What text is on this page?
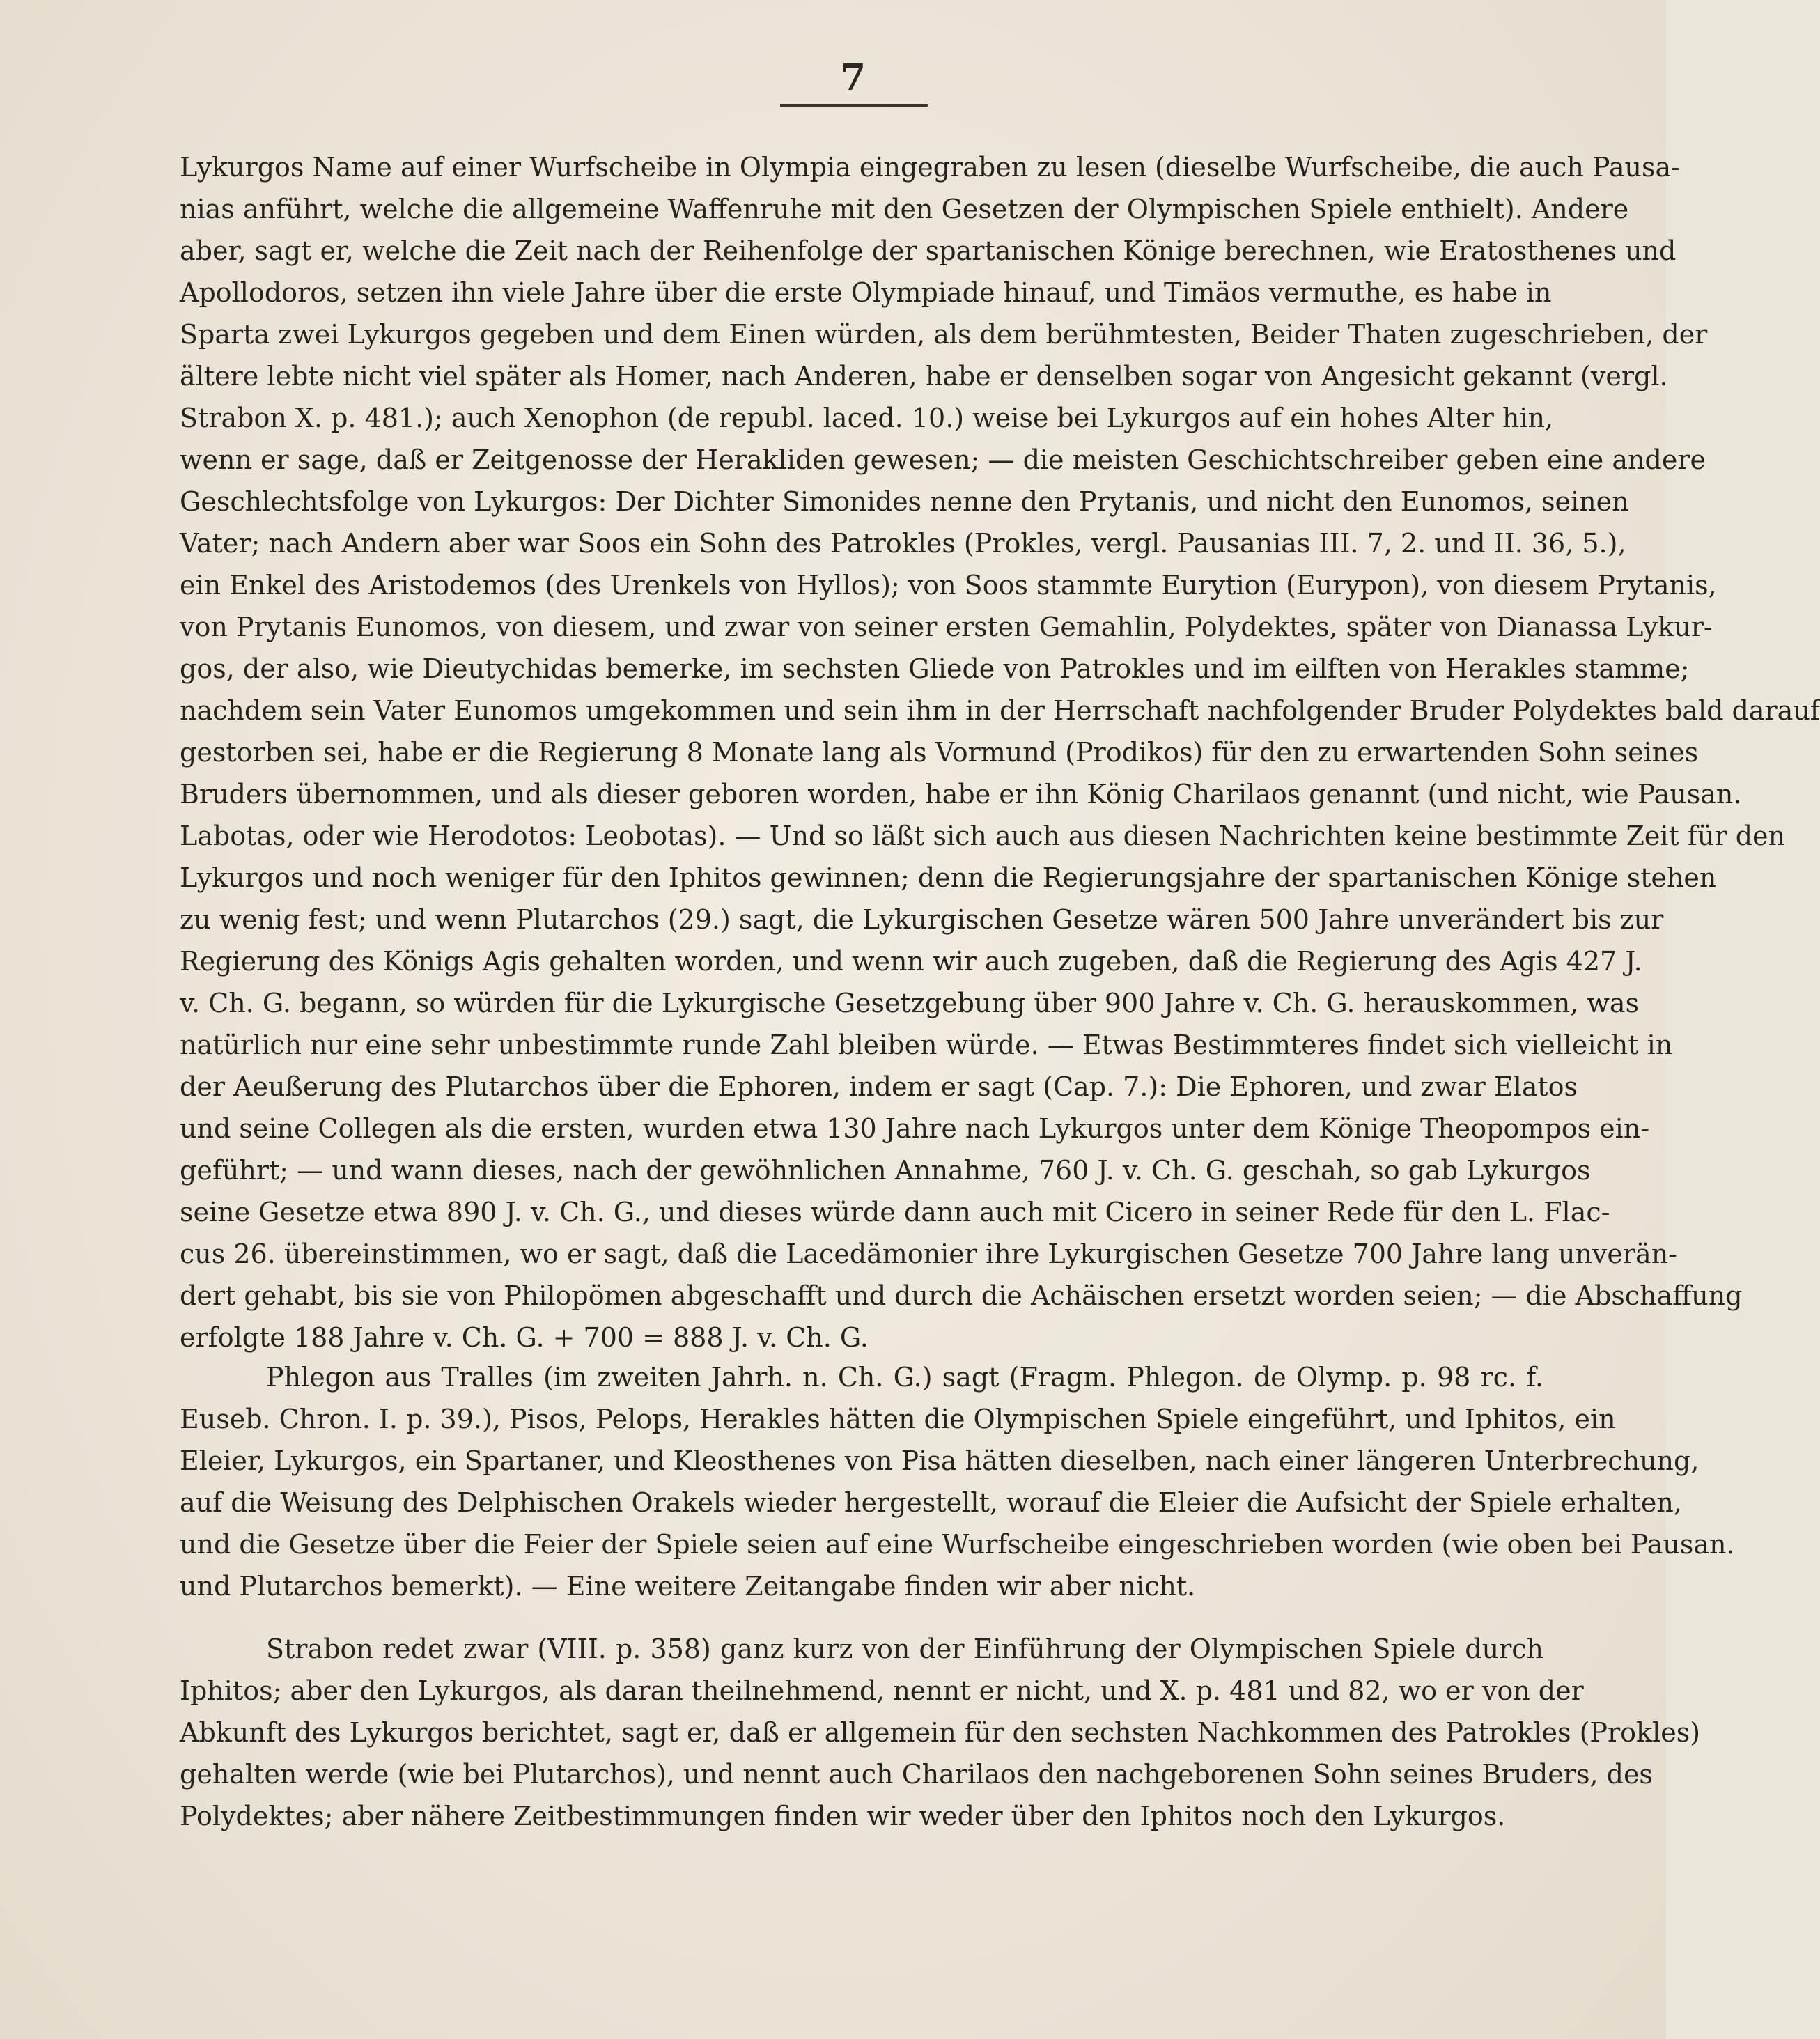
7
Lykurgos Name auf einer Wurfscheibe in Olympia eingegraben zu lesen (dieselbe Wurfscheibe, die auch Pausa-
nias anführt, welche die allgemeine Waffenruhe mit den Gesetzen der Olympischen Spiele enthielt). Andere
aber, sagt er, welche die Zeit nach der Reihenfolge der spartanischen Könige berechnen, wie Eratosthenes und
Apollodoros, setzen ihn viele Jahre über die erste Olympiade hinauf, und Timäos vermuthe, es habe in
Sparta zwei Lykurgos gegeben und dem Einen würden, als dem berühmtesten, Beider Thaten zugeschrieben, der
ältere lebte nicht viel später als Homer, nach Anderen, habe er denselben sogar von Angesicht gekannt (vergl.
Strabon X. p. 481.); auch Xenophon (de republ. laced. 10.) weise bei Lykurgos auf ein hohes Alter hin,
wenn er sage, daß er Zeitgenosse der Herakliden gewesen; — die meisten Geschichtschreiber geben eine andere
Geschlechtsfolge von Lykurgos: Der Dichter Simonides nenne den Prytanis, und nicht den Eunomos, seinen
Vater; nach Andern aber war Soos ein Sohn des Patrokles (Prokles, vergl. Pausanias III. 7, 2. und II. 36, 5.),
ein Enkel des Aristodemos (des Urenkels von Hyllos); von Soos stammte Eurytion (Eurypon), von diesem Prytanis,
von Prytanis Eunomos, von diesem, und zwar von seiner ersten Gemahlin, Polydektes, später von Dianassa Lykur-
gos, der also, wie Dieutychidas bemerke, im sechsten Gliede von Patrokles und im eilften von Herakles stamme;
nachdem sein Vater Eunomos umgekommen und sein ihm in der Herrschaft nachfolgender Bruder Polydektes bald darauf
gestorben sei, habe er die Regierung 8 Monate lang als Vormund (Prodikos) für den zu erwartenden Sohn seines
Bruders übernommen, und als dieser geboren worden, habe er ihn König Charilaos genannt (und nicht, wie Pausan.
Labotas, oder wie Herodotos: Leobotas). — Und so läßt sich auch aus diesen Nachrichten keine bestimmte Zeit für den
Lykurgos und noch weniger für den Iphitos gewinnen; denn die Regierungsjahre der spartanischen Könige stehen
zu wenig fest; und wenn Plutarchos (29.) sagt, die Lykurgischen Gesetze wären 500 Jahre unverändert bis zur
Regierung des Königs Agis gehalten worden, und wenn wir auch zugeben, daß die Regierung des Agis 427 J.
v. Ch. G. begann, so würden für die Lykurgische Gesetzgebung über 900 Jahre v. Ch. G. herauskommen, was
natürlich nur eine sehr unbestimmte runde Zahl bleiben würde. — Etwas Bestimmteres findet sich vielleicht in
der Aeußerung des Plutarchos über die Ephoren, indem er sagt (Cap. 7.): Die Ephoren, und zwar Elatos
und seine Collegen als die ersten, wurden etwa 130 Jahre nach Lykurgos unter dem Könige Theopompos ein-
geführt; — und wann dieses, nach der gewöhnlichen Annahme, 760 J. v. Ch. G. geschah, so gab Lykurgos
seine Gesetze etwa 890 J. v. Ch. G., und dieses würde dann auch mit Cicero in seiner Rede für den L. Flac-
cus 26. übereinstimmen, wo er sagt, daß die Lacedämonier ihre Lykurgischen Gesetze 700 Jahre lang unverän-
dert gehabt, bis sie von Philopömen abgeschafft und durch die Achäischen ersetzt worden seien; — die Abschaffung
erfolgte 188 Jahre v. Ch. G. + 700 = 888 J. v. Ch. G.
Phlegon aus Tralles (im zweiten Jahrh. n. Ch. G.) sagt (Fragm. Phlegon. de Olymp. p. 98 rc. f.
Euseb. Chron. I. p. 39.), Pisos, Pelops, Herakles hätten die Olympischen Spiele eingeführt, und Iphitos, ein
Eleier, Lykurgos, ein Spartaner, und Kleosthenes von Pisa hätten dieselben, nach einer längeren Unterbrechung,
auf die Weisung des Delphischen Orakels wieder hergestellt, worauf die Eleier die Aufsicht der Spiele erhalten,
und die Gesetze über die Feier der Spiele seien auf eine Wurfscheibe eingeschrieben worden (wie oben bei Pausan.
und Plutarchos bemerkt). — Eine weitere Zeitangabe finden wir aber nicht.
Strabon redet zwar (VIII. p. 358) ganz kurz von der Einführung der Olympischen Spiele durch
Iphitos; aber den Lykurgos, als daran theilnehmend, nennt er nicht, und X. p. 481 und 82, wo er von der
Abkunft des Lykurgos berichtet, sagt er, daß er allgemein für den sechsten Nachkommen des Patrokles (Prokles)
gehalten werde (wie bei Plutarchos), und nennt auch Charilaos den nachgeborenen Sohn seines Bruders, des
Polydektes; aber nähere Zeitbestimmungen finden wir weder über den Iphitos noch den Lykurgos.
